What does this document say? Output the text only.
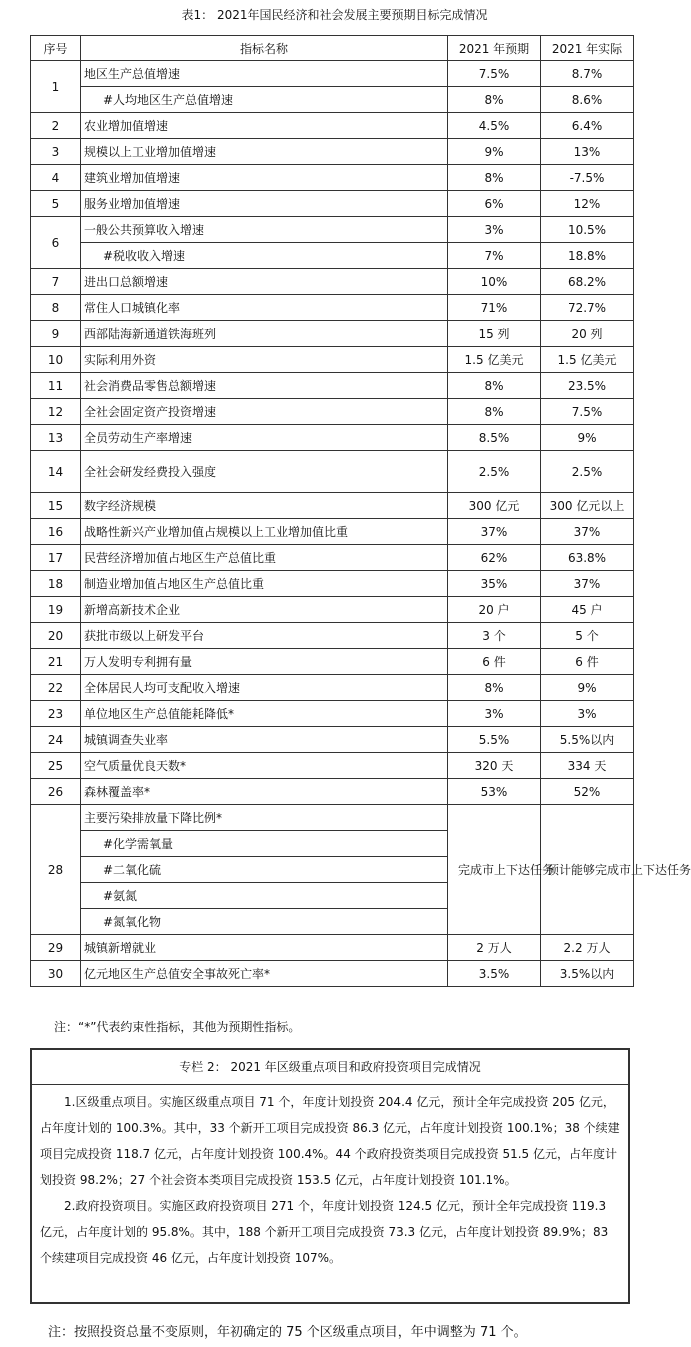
表1： 2021年国民经济和社会发展主要预期目标完成情况
序号	指标名称	2021 年预期	2021 年实际
1	地区生产总值增速	7.5%	8.7%
	#人均地区生产总值增速	8%	8.6%
2	农业增加值增速	4.5%	6.4%
3	规模以上工业增加值增速	9%	13%
4	建筑业增加值增速	8%	-7.5%
5	服务业增加值增速	6%	12%
6	一般公共预算收入增速	3%	10.5%
	#税收收入增速	7%	18.8%
7	进出口总额增速	10%	68.2%
8	常住人口城镇化率	71%	72.7%
9	西部陆海新通道铁海班列	15 列	20 列
10	实际利用外资	1.5 亿美元	1.5 亿美元
11	社会消费品零售总额增速	8%	23.5%
12	全社会固定资产投资增速	8%	7.5%
13	全员劳动生产率增速	8.5%	9%
14	全社会研发经费投入强度	2.5%	2.5%
15	数字经济规模	300 亿元	300 亿元以上
16	战略性新兴产业增加值占规模以上工业增加值比重	37%	37%
17	民营经济增加值占地区生产总值比重	62%	63.8%
18	制造业增加值占地区生产总值比重	35%	37%
19	新增高新技术企业	20 户	45 户
20	获批市级以上研发平台	3 个	5 个
21	万人发明专利拥有量	6 件	6 件
22	全体居民人均可支配收入增速	8%	9%
23	单位地区生产总值能耗降低*	3%	3%
24	城镇调查失业率	5.5%	5.5%以内
25	空气质量优良天数*	320 天	334 天
26	森林覆盖率*	53%	52%
28	主要污染排放量下降比例*	完成市上下达任务	预计能够完成市上下达任务
	#化学需氧量		
	#二氧化硫		
	#氨氮		
	#氮氧化物		
29	城镇新增就业	2 万人	2.2 万人
30	亿元地区生产总值安全事故死亡率*	3.5%	3.5%以内
注：“*”代表约束性指标，其他为预期性指标。
专栏 2： 2021 年区级重点项目和政府投资项目完成情况

1.区级重点项目。实施区级重点项目 71 个，年度计划投资 204.4 亿元，预计全年完成投资 205 亿元，占年度计划的 100.3%。其中，33 个新开工项目完成投资 86.3 亿元，占年度计划投资 100.1%；38 个续建项目完成投资 118.7 亿元，占年度计划投资 100.4%。44 个政府投资类项目完成投资 51.5 亿元，占年度计划投资 98.2%；27 个社会资本类项目完成投资 153.5 亿元，占年度计划投资 101.1%。

2.政府投资项目。实施区政府投资项目 271 个，年度计划投资 124.5 亿元，预计全年完成投资 119.3 亿元，占年度计划的 95.8%。其中，188 个新开工项目完成投资 73.3 亿元，占年度计划投资 89.9%；83 个续建项目完成投资 46 亿元，占年度计划投资 107%。

注：按照投资总量不变原则，年初确定的 75 个区级重点项目，年中调整为 71 个。
